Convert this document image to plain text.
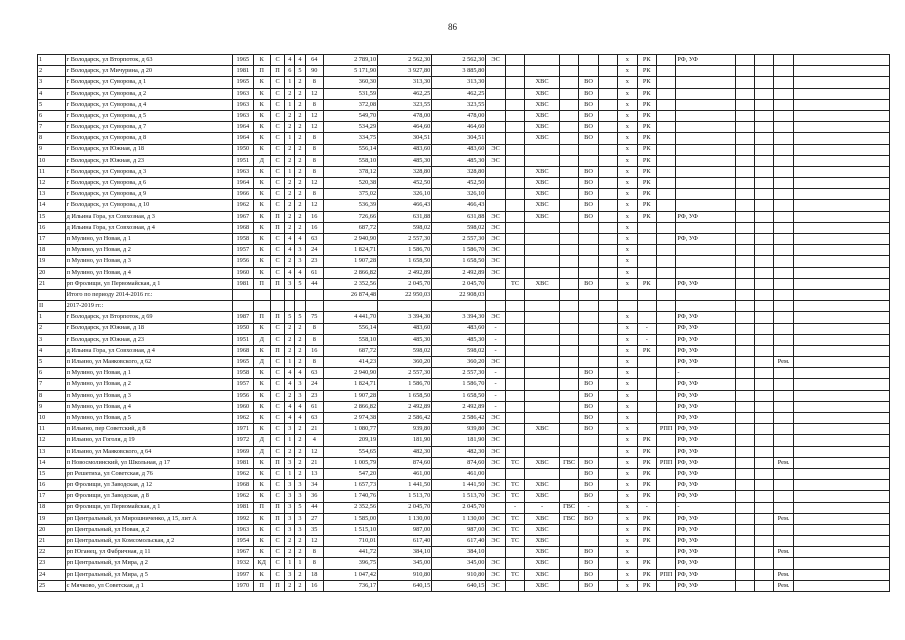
86
1	г Володарск, ул Вторпоток, д 63	1965	К	С	4	4	64	2 789,10	2 562,30	2 562,30	ЭС						х	РК		РФ, УФ				
2	г Володарск, ул Мичурина, д 20	1981	П	П	6	5	90	5 171,90	3 927,80	3 885,80							х	РК						
3	г Володарск, ул Суворова, д 1	1965	К	С	1	2	8	360,30	313,30	313,30			ХВС		ВО		х	РК						
4	г Володарск, ул Суворова, д 2	1963	К	С	2	2	12	531,59	462,25	462,25			ХВС		ВО		х	РК						
5	г Володарск, ул Суворова, д 4	1963	К	С	1	2	8	372,08	323,55	323,55			ХВС		ВО		х	РК						
6	г Володарск, ул Суворова, д 5	1963	К	С	2	2	12	549,70	478,00	478,00			ХВС		ВО		х	РК						
7	г Володарск, ул Суворова, д 7	1964	К	С	2	2	12	534,29	464,60	464,60			ХВС		ВО		х	РК						
8	г Володарск, ул Суворова, д 8	1964	К	С	1	2	8	334,75	304,51	304,51			ХВС		ВО		х	РК						
9	г Володарск, ул Южная, д 18	1950	К	С	2	2	8	556,14	483,60	483,60	ЭС						х	РК						
10	г Володарск, ул Южная, д 23	1951	Д	С	2	2	8	558,10	485,30	485,30	ЭС						х	РК						
11	г Володарск, ул Суворова, д 3	1963	К	С	1	2	8	378,12	328,80	328,80			ХВС		ВО		х	РК						
12	г Володарск, ул Суворова, д 6	1964	К	С	2	2	12	520,38	452,50	452,50			ХВС		ВО		х	РК						
13	г Володарск, ул Суворова, д 9	1966	К	С	2	2	8	375,02	326,10	326,10			ХВС		ВО		х	РК						
14	г Володарск, ул Суворова, д 10	1962	К	С	2	2	12	536,39	466,43	466,43			ХВС		ВО		х	РК						
15	д Ильина Гора, ул Совхозная, д 3	1967	К	П	2	2	16	726,66	631,88	631,88	ЭС		ХВС		ВО		х	РК		РФ, УФ				
16	д Ильина Гора, ул Совхозная, д 4	1968	К	П	2	2	16	687,72	598,02	598,02	ЭС						х							
17	п Мулино, ул Новая, д 1	1958	К	С	4	4	63	2 940,90	2 557,30	2 557,30	ЭС						х			РФ, УФ				
18	п Мулино, ул Новая, д 2	1957	К	С	4	3	24	1 824,71	1 586,70	1 586,70	ЭС						х							
19	п Мулино, ул Новая, д 3	1956	К	С	2	3	23	1 907,28	1 658,50	1 658,50	ЭС						х							
20	п Мулино, ул Новая, д 4	1960	К	С	4	4	61	2 866,82	2 492,89	2 492,89	ЭС						х							
21	рп Фролищи, ул Первомайская, д 1	1981	П	П	3	5	44	2 352,56	2 045,70	2 045,70		ТС	ХВС		ВО		х	РК		РФ, УФ				
	Итого по периоду 2014-2016 гг.:							26 874,48	22 950,03	22 908,03														
II	2017-2019 гг.:																							
1	г Володарск, ул Вторпоток, д 69	1987	П	П	5	5	75	4 441,70	3 394,30	3 394,30	ЭС						х			РФ, УФ				
2	г Володарск, ул Южная, д 18	1950	К	С	2	2	8	556,14	483,60	483,60	-						х	-		РФ, УФ				
3	г Володарск, ул Южная, д 23	1951	Д	С	2	2	8	558,10	485,30	485,30	-						х	-		РФ, УФ				
4	д Ильина Гора, ул Совхозная, д 4	1968	К	П	2	2	16	687,72	598,02	598,02	-						х	РК		РФ, УФ				
5	п Ильино, ул Маяковского, д 62	1965	Д	С	1	2	8	414,23	360,20	360,20	ЭС						х			РФ, УФ			Рем.	
6	п Мулино, ул Новая, д 1	1958	К	С	4	4	63	2 940,90	2 557,30	2 557,30	-				ВО		х			-				
7	п Мулино, ул Новая, д 2	1957	К	С	4	3	24	1 824,71	1 586,70	1 586,70	-				ВО		х			РФ, УФ				
8	п Мулино, ул Новая, д 3	1956	К	С	2	3	23	1 907,28	1 658,50	1 658,50	-				ВО		х			РФ, УФ				
9	п Мулино, ул Новая, д 4	1960	К	С	4	4	61	2 866,82	2 492,89	2 492,89	-				ВО		х			РФ, УФ				
10	п Мулино, ул Новая, д 5	1962	К	С	4	4	63	2 974,38	2 586,42	2 586,42	ЭС				ВО		х			РФ, УФ				
11	п Ильино, пер Советский, д 8	1971	К	С	3	2	21	1 080,77	939,80	939,80	ЭС		ХВС		ВО		х		РПП	РФ, УФ				
12	п Ильино, ул Гоголя, д 19	1972	Д	С	1	2	4	209,19	181,90	181,90	ЭС						х	РК		РФ, УФ				
13	п Ильино, ул Маяковского, д 64	1969	Д	С	2	2	12	554,65	482,30	482,30	ЭС						х	РК		РФ, УФ				
14	п Новосмолинский, ул Школьная, д 17	1981	К	П	3	2	21	1 005,79	874,60	874,60	ЭС	ТС	ХВС	ГВС	ВО		х	РК	РПП	РФ, УФ			Рем.	
15	рп Решетиха, ул Советская, д 76	1962	К	С	1	2	13	547,20	461,00	461,00					ВО		х	РК		РФ, УФ				
16	рп Фролищи, ул Заводская, д 12	1968	К	С	3	3	34	1 657,73	1 441,50	1 441,50	ЭС	ТС	ХВС		ВО		х	РК		РФ, УФ				
17	рп Фролищи, ул Заводская, д 8	1962	К	С	3	3	36	1 740,76	1 513,70	1 513,70	ЭС	ТС	ХВС		ВО		х	РК		РФ, УФ				
18	рп Фролищи, ул Первомайская, д 1	1981	П	П	3	5	44	2 352,56	2 045,70	2 045,70		-	-	ГВС	-		х	-		-				
19	рп Центральный, ул Мирошниченко, д 15, лит А	1992	К	П	3	3	27	1 585,00	1 130,00	1 130,00	ЭС	ТС	ХВС	ГВС	ВО		х	РК		РФ, УФ			Рем.	
20	рп Центральный, ул Новая, д 2	1963	К	С	3	3	35	1 515,10	987,00	987,00	ЭС	ТС	ХВС				х	РК		РФ, УФ				
21	рп Центральный, ул Комсомольская, д 2	1954	К	С	2	2	12	710,01	617,40	617,40	ЭС	ТС	ХВС				х	РК		РФ, УФ				
22	рп Юганец, ул Фабричная, д 11	1967	К	С	2	2	8	441,72	384,10	384,10			ХВС		ВО		х			РФ, УФ			Рем.	
23	рп Центральный, ул Мира, д 2	1932	КД	С	1	1	8	396,75	345,00	345,00	ЭС		ХВС		ВО		х	РК		РФ, УФ				
24	рп Центральный, ул Мира, д 5	1997	К	С	3	2	18	1 047,42	910,80	910,80	ЭС	ТС	ХВС		ВО		х	РК	РПП	РФ, УФ			Рем.	
25	с Мячково, ул Советская, д 1	1970	П	П	2	2	16	736,17	640,15	640,15	ЭС		ХВС		ВО		х	РК		РФ, УФ			Рем.	
